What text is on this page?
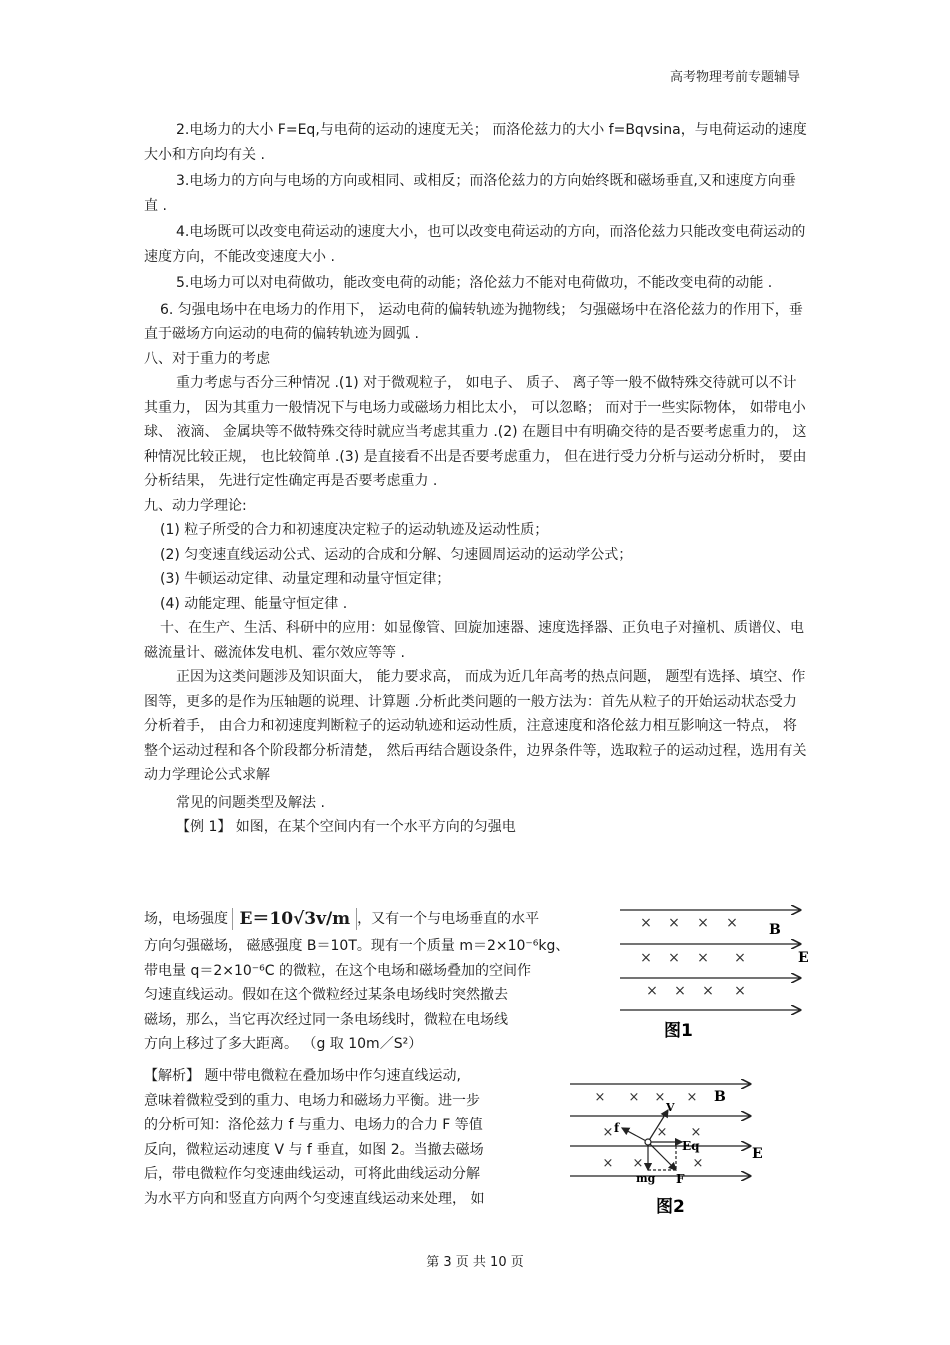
高考物理考前专题辅导

2.电场力的大小 F=Eq,与电荷的运动的速度无关； 而洛伦兹力的大小 f=Bqvsina，与电荷运动的速度大小和方向均有关 .

3.电场力的方向与电场的方向或相同、或相反；而洛伦兹力的方向始终既和磁场垂直,又和速度方向垂直 .

4.电场既可以改变电荷运动的速度大小，也可以改变电荷运动的方向，而洛伦兹力只能改变电荷运动的速度方向，不能改变速度大小 .

5.电场力可以对电荷做功，能改变电荷的动能；洛伦兹力不能对电荷做功，不能改变电荷的动能 .

6. 匀强电场中在电场力的作用下， 运动电荷的偏转轨迹为抛物线； 匀强磁场中在洛伦兹力的作用下，垂直于磁场方向运动的电荷的偏转轨迹为圆弧 .

八、对于重力的考虑

重力考虑与否分三种情况 .(1) 对于微观粒子， 如电子、 质子、 离子等一般不做特殊交待就可以不计其重力， 因为其重力一般情况下与电场力或磁场力相比太小， 可以忽略； 而对于一些实际物体， 如带电小球、 液滴、 金属块等不做特殊交待时就应当考虑其重力 .(2) 在题目中有明确交待的是否要考虑重力的， 这种情况比较正规， 也比较简单 .(3) 是直接看不出是否要考虑重力， 但在进行受力分析与运动分析时， 要由分析结果， 先进行定性确定再是否要考虑重力 .

九、动力学理论:

(1) 粒子所受的合力和初速度决定粒子的运动轨迹及运动性质；

(2) 匀变速直线运动公式、运动的合成和分解、匀速圆周运动的运动学公式；

(3) 牛顿运动定律、动量定理和动量守恒定律；

(4) 动能定理、能量守恒定律 .

十、在生产、生活、科研中的应用：如显像管、回旋加速器、速度选择器、正负电子对撞机、质谱仪、电磁流量计、磁流体发电机、霍尔效应等等 .

正因为这类问题涉及知识面大， 能力要求高， 而成为近几年高考的热点问题， 题型有选择、填空、作图等，更多的是作为压轴题的说理、计算题 .分析此类问题的一般方法为：首先从粒子的开始运动状态受力分析着手， 由合力和初速度判断粒子的运动轨迹和运动性质，注意速度和洛伦兹力相互影响这一特点， 将整个运动过程和各个阶段都分析清楚， 然后再结合题设条件，边界条件等，选取粒子的运动过程，选用有关动力学理论公式求解

常见的问题类型及解法 .

【例 1】 如图，在某个空间内有一个水平方向的匀强电

场，电场强度 E＝10√3v/m ，又有一个与电场垂直的水平

方向匀强磁场， 磁感强度 B＝10T。现有一个质量 m＝2×10⁻⁶kg、

带电量 q＝2×10⁻⁶C 的微粒，在这个电场和磁场叠加的空间作

匀速直线运动。假如在这个微粒经过某条电场线时突然撤去

磁场，那么，当它再次经过同一条电场线时，微粒在电场线

方向上移过了多大距离。 （g 取 10m／S²）

【解析】 题中带电微粒在叠加场中作匀速直线运动,

意味着微粒受到的重力、电场力和磁场力平衡。进一步

的分析可知：洛伦兹力 f 与重力、电场力的合力 F 等值

反向，微粒运动速度 V 与 f 垂直，如图 2。当撤去磁场

后，带电微粒作匀变速曲线运动，可将此曲线运动分解

为水平方向和竖直方向两个匀变速直线运动来处理， 如

× × × ×
× × × ×
× × × ×
B
E
图1
× × × ×
×	× ×
× ×	×
B
E
f
V
Eq
mg F
图2
第 3 页 共 10 页
